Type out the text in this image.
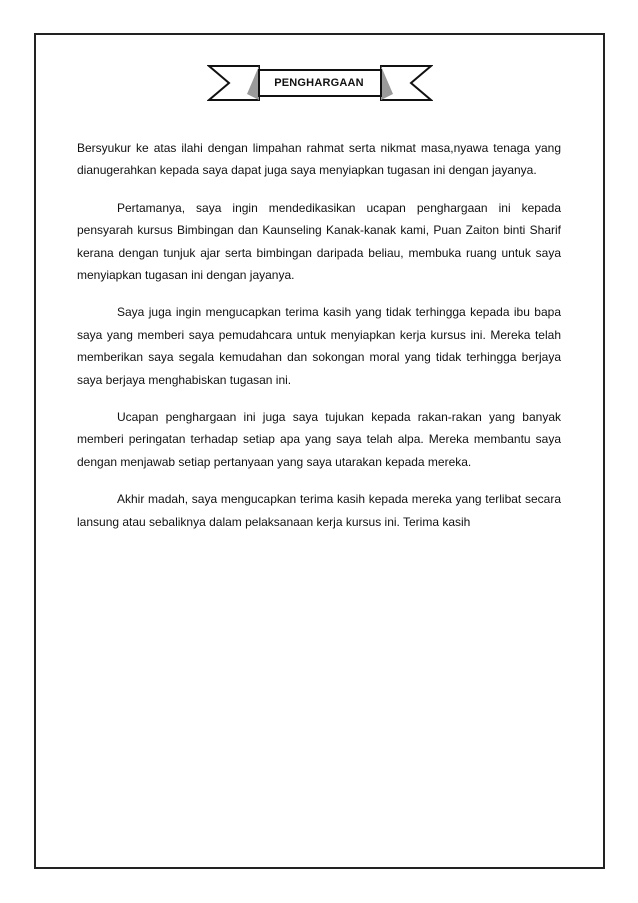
PENGHARGAAN

Bersyukur ke atas ilahi dengan limpahan rahmat serta nikmat masa,nyawa tenaga yang dianugerahkan kepada saya dapat juga saya menyiapkan tugasan ini dengan jayanya.

Pertamanya, saya ingin mendedikasikan ucapan penghargaan ini kepada pensyarah kursus Bimbingan dan Kaunseling Kanak-kanak kami, Puan Zaiton binti Sharif kerana dengan tunjuk ajar serta bimbingan daripada beliau, membuka ruang untuk saya menyiapkan tugasan ini dengan jayanya.

Saya juga ingin mengucapkan terima kasih yang tidak terhingga kepada ibu bapa saya yang memberi saya pemudahcara untuk menyiapkan kerja kursus ini. Mereka telah memberikan saya segala kemudahan dan sokongan moral yang tidak terhingga berjaya saya berjaya menghabiskan tugasan ini.

Ucapan penghargaan ini juga saya tujukan kepada rakan-rakan yang banyak memberi peringatan terhadap setiap apa yang saya telah alpa. Mereka membantu saya dengan menjawab setiap pertanyaan yang saya utarakan kepada mereka.

Akhir madah, saya mengucapkan terima kasih kepada mereka yang terlibat secara lansung atau sebaliknya dalam pelaksanaan kerja kursus ini. Terima kasih
